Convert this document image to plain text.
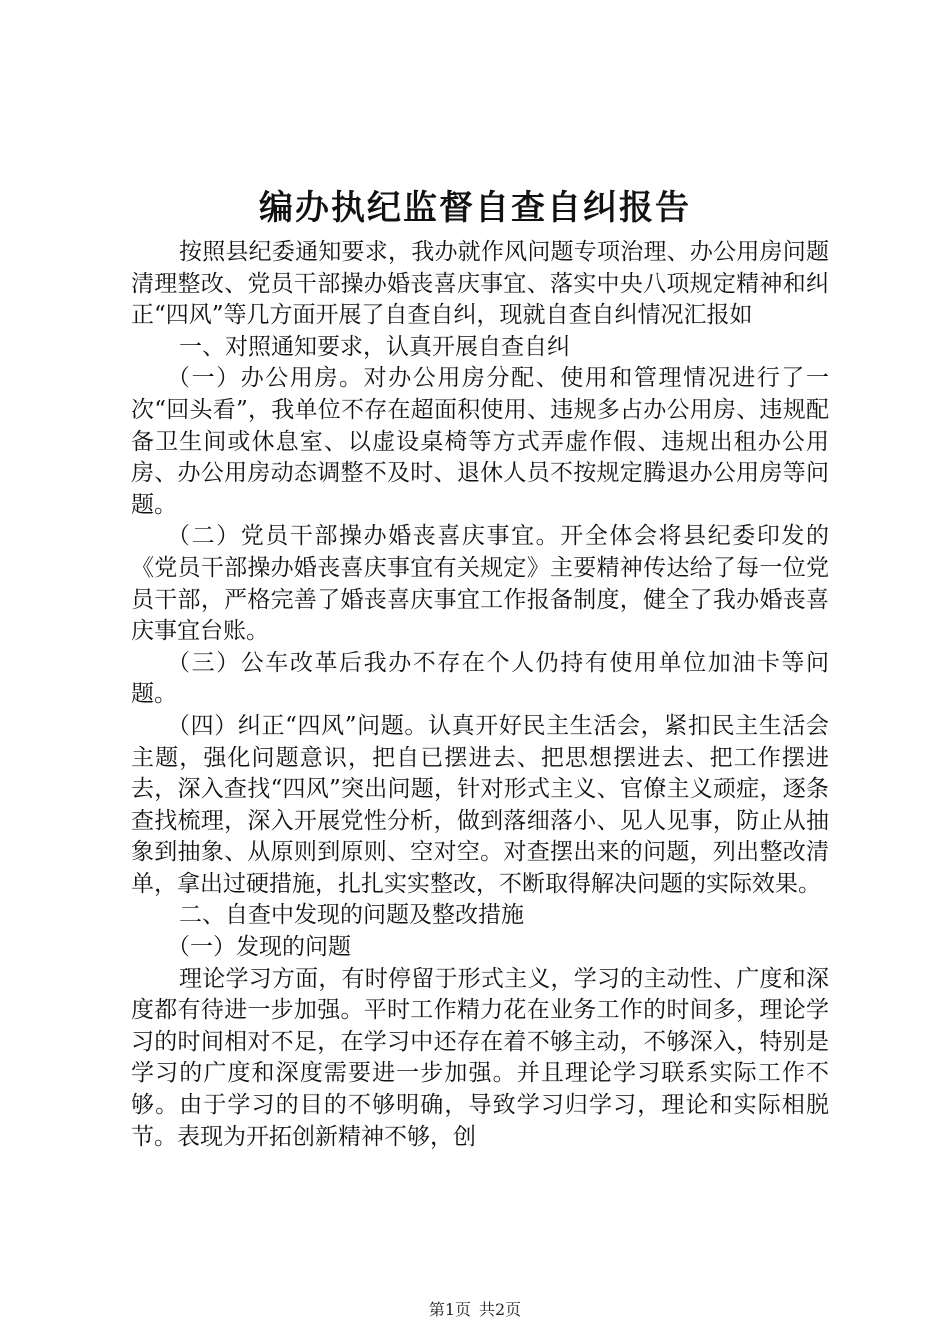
编办执纪监督自查自纠报告

按照县纪委通知要求，我办就作风问题专项治理、办公用房问题清理整改、党员干部操办婚丧喜庆事宜、落实中央八项规定精神和纠正“四风”等几方面开展了自查自纠，现就自查自纠情况汇报如

一、对照通知要求，认真开展自查自纠

（一）办公用房。对办公用房分配、使用和管理情况进行了一次“回头看”，我单位不存在超面积使用、违规多占办公用房、违规配备卫生间或休息室、以虚设桌椅等方式弄虚作假、违规出租办公用房、办公用房动态调整不及时、退休人员不按规定腾退办公用房等问题。

（二）党员干部操办婚丧喜庆事宜。开全体会将县纪委印发的《党员干部操办婚丧喜庆事宜有关规定》主要精神传达给了每一位党员干部，严格完善了婚丧喜庆事宜工作报备制度，健全了我办婚丧喜庆事宜台账。

（三）公车改革后我办不存在个人仍持有使用单位加油卡等问题。

（四）纠正“四风”问题。认真开好民主生活会，紧扣民主生活会主题，强化问题意识，把自已摆进去、把思想摆进去、把工作摆进去，深入查找“四风”突出问题，针对形式主义、官僚主义顽症，逐条查找梳理，深入开展党性分析，做到落细落小、见人见事，防止从抽象到抽象、从原则到原则、空对空。对查摆出来的问题，列出整改清单，拿出过硬措施，扎扎实实整改，不断取得解决问题的实际效果。

二、自查中发现的问题及整改措施

（一）发现的问题

理论学习方面，有时停留于形式主义，学习的主动性、广度和深度都有待进一步加强。平时工作精力花在业务工作的时间多，理论学习的时间相对不足，在学习中还存在着不够主动，不够深入，特别是学习的广度和深度需要进一步加强。并且理论学习联系实际工作不够。由于学习的目的不够明确，导致学习归学习，理论和实际相脱节。表现为开拓创新精神不够，创

第1页 共2页
